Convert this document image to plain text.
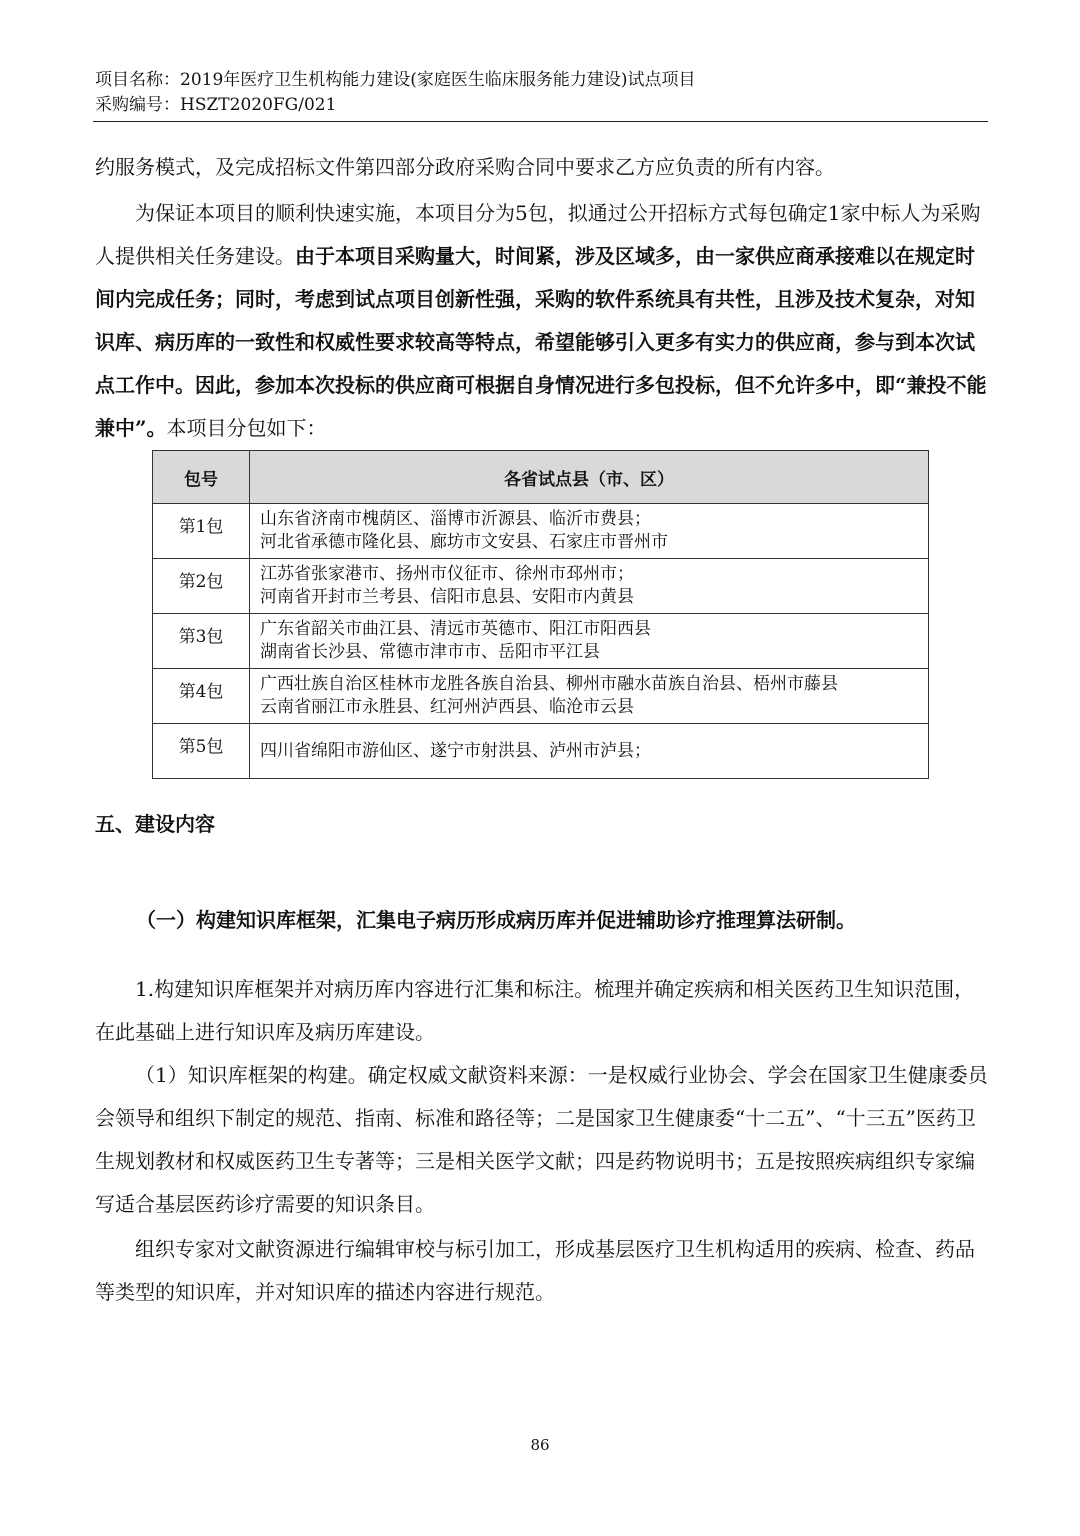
项目名称：2019年医疗卫生机构能力建设(家庭医生临床服务能力建设)试点项目
采购编号：HSZT2020FG/021

约服务模式，及完成招标文件第四部分政府采购合同中要求乙方应负责的所有内容。

为保证本项目的顺利快速实施，本项目分为5包，拟通过公开招标方式每包确定1家中标人为采购人提供相关任务建设。由于本项目采购量大，时间紧，涉及区域多，由一家供应商承接难以在规定时间内完成任务；同时，考虑到试点项目创新性强，采购的软件系统具有共性，且涉及技术复杂，对知识库、病历库的一致性和权威性要求较高等特点，希望能够引入更多有实力的供应商，参与到本次试点工作中。因此，参加本次投标的供应商可根据自身情况进行多包投标，但不允许多中，即“兼投不能兼中”。本项目分包如下：

包号	各省试点县（市、区）
第1包	山东省济南市槐荫区、淄博市沂源县、临沂市费县；
河北省承德市隆化县、廊坊市文安县、石家庄市晋州市

第2包	江苏省张家港市、扬州市仪征市、徐州市邳州市；
河南省开封市兰考县、信阳市息县、安阳市内黄县

第3包	广东省韶关市曲江县、清远市英德市、阳江市阳西县
湖南省长沙县、常德市津市市、岳阳市平江县

第4包	广西壮族自治区桂林市龙胜各族自治县、柳州市融水苗族自治县、梧州市藤县
云南省丽江市永胜县、红河州泸西县、临沧市云县

第5包	四川省绵阳市游仙区、遂宁市射洪县、泸州市泸县；
五、建设内容
（一）构建知识库框架，汇集电子病历形成病历库并促进辅助诊疗推理算法研制。

1.构建知识库框架并对病历库内容进行汇集和标注。梳理并确定疾病和相关医药卫生知识范围，在此基础上进行知识库及病历库建设。

（1）知识库框架的构建。确定权威文献资料来源：一是权威行业协会、学会在国家卫生健康委员会领导和组织下制定的规范、指南、标准和路径等；二是国家卫生健康委“十二五”、“十三五”医药卫生规划教材和权威医药卫生专著等；三是相关医学文献；四是药物说明书；五是按照疾病组织专家编写适合基层医药诊疗需要的知识条目。

组织专家对文献资源进行编辑审校与标引加工，形成基层医疗卫生机构适用的疾病、检查、药品等类型的知识库，并对知识库的描述内容进行规范。

86
